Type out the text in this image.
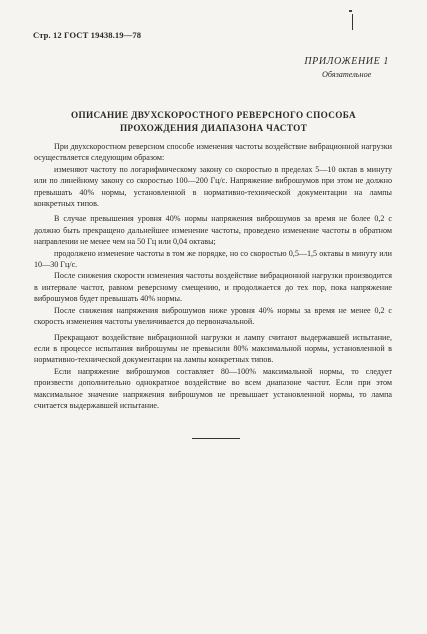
Стр. 12 ГОСТ 19438.19—78
ПРИЛОЖЕНИЕ 1
Обязательное
ОПИСАНИЕ ДВУХСКОРОСТНОГО РЕВЕРСНОГО СПОСОБА
ПРОХОЖДЕНИЯ ДИАПАЗОНА ЧАСТОТ

При двухскоростном реверсном способе изменения частоты воздействие вибрационной нагрузки осуществляется следующим образом:

изменяют частоту по логарифмическому закону со скоростью в пределах 5—10 октав в минуту или по линейному закону со скоростью 100—200 Гц/с. Напряжение виброшумов при этом не должно превышать 40% нормы, установленной в нормативно-технической документации на лампы конкретных типов.

В случае превышения уровня 40% нормы напряжения виброшумов за время не более 0,2 с должно быть прекращено дальнейшее изменение частоты, проведено изменение частоты в обратном направлении не менее чем на 50 Гц или 0,04 октавы;

продолжено изменение частоты в том же порядке, но со скоростью 0,5—1,5 октавы в минуту или 10—30 Гц/с.

После снижения скорости изменения частоты воздействие вибрационной нагрузки производится в интервале частот, равном реверсному смещению, и продолжается до тех пор, пока напряжение виброшумов будет превышать 40% нормы.

После снижения напряжения виброшумов ниже уровня 40% нормы за время не менее 0,2 с скорость изменения частоты увеличивается до первоначальной.

Прекращают воздействие вибрационной нагрузки и лампу считают выдержавшей испытание, если в процессе испытания виброшумы не превысили 80% максимальной нормы, установленной в нормативно-технической документации на лампы конкретных типов.

Если напряжение виброшумов составляет 80—100% максимальной нормы, то следует произвести дополнительно однократное воздействие во всем диапазоне частот. Если при этом максимальное значение напряжения виброшумов не превышает установленной нормы, то лампа считается выдержавшей испытание.
